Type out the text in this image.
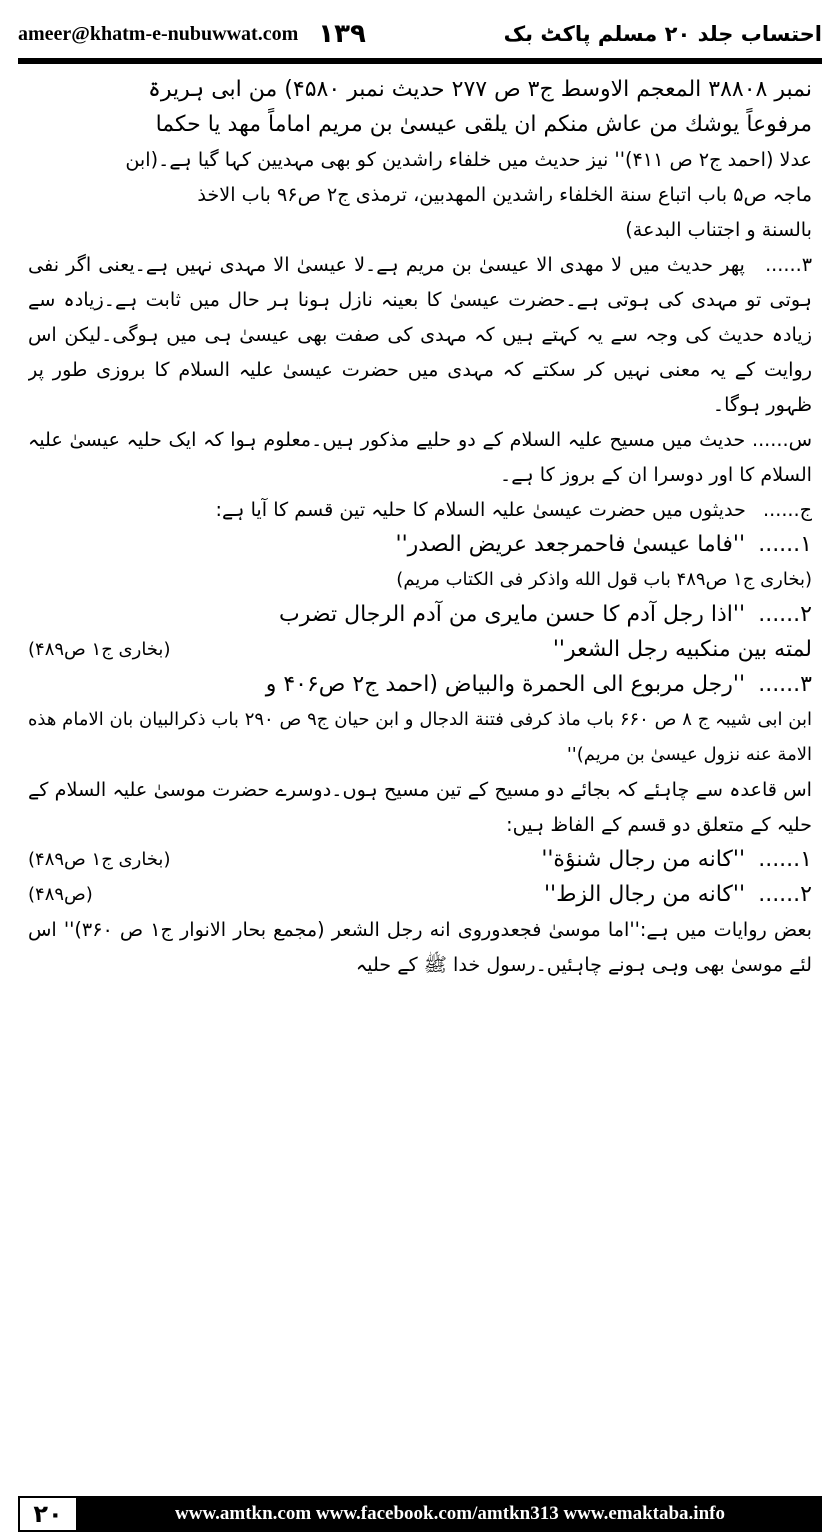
ameer@khatm-e-nubuwwat.com ۱۳۹	احتساب جلد ۲۰ مسلم پاکٹ بک

نمبر ۳۸۸۰۸ المعجم الاوسط ج۳ ص ۲۷۷ حدیث نمبر ۴۵۸۰) من ابی ہریرۃ

مرفوعاً یوشك من عاش منکم ان یلقی عیسیٰ بن مریم اماماً مهد یا حکما

عدلا (احمد ج۲ ص ۴۱۱)'' نیز حدیث میں خلفاء راشدین کو بھی مہدیین کہا گیا ہے۔(ابن

ماجہ ص۵ باب اتباع سنة الخلفاء راشدین المهدبین، ترمذی ج۲ ص۹۶ باب الاخذ

بالسنة و اجتناب البدعة)

۳...... پھر حدیث میں لا مهدی الا عیسیٰ بن مریم ہے۔لا عیسیٰ الا مہدی نہیں ہے۔یعنی اگر نفی ہوتی تو مہدی کی ہوتی ہے۔حضرت عیسیٰ کا بعینہ نازل ہونا ہر حال میں ثابت ہے۔زیادہ سے زیادہ حدیث کی وجہ سے یہ کہتے ہیں کہ مہدی کی صفت بھی عیسیٰ ہی میں ہوگی۔لیکن اس روایت کے یہ معنی نہیں کر سکتے کہ مہدی میں حضرت عیسیٰ علیہ السلام کا بروزی طور پر ظہور ہوگا۔

س...... حدیث میں مسیح علیہ السلام کے دو حلیے مذکور ہیں۔معلوم ہوا کہ ایک حلیہ عیسیٰ علیہ السلام کا اور دوسرا ان کے بروز کا ہے۔

ج...... حدیثوں میں حضرت عیسیٰ علیہ السلام کا حلیہ تین قسم کا آیا ہے:

۱...... ''فاما عیسیٰ فاحمرجعد عریض الصدر''

(بخاری ج۱ ص۴۸۹ باب قول الله واذکر فی الکتاب مریم)

۲...... ''اذا رجل آدم کا حسن مایری من آدم الرجال تضرب

لمته بین منکبیه رجل الشعر''
(بخاری ج۱ ص۴۸۹)

۳...... ''رجل مربوع الی الحمرة والبیاض (احمد ج۲ ص۴۰۶ و

ابن ابی شیبہ ج ۸ ص ۶۶۰ باب ماذ کرفی فتنة الدجال و ابن حیان ج۹ ص ۲۹۰ باب ذکرالبیان بان الامام هذه الامة عنه نزول عیسیٰ بن مریم)''

اس قاعدہ سے چاہئے کہ بجائے دو مسیح کے تین مسیح ہوں۔دوسرے حضرت موسیٰ علیہ السلام کے حلیہ کے متعلق دو قسم کے الفاظ ہیں:

۱...... ''کانه من رجال شنؤة''
(بخاری ج۱ ص۴۸۹)
۲...... ''کانه من رجال الزط''
(ص۴۸۹)

بعض روایات میں ہے:''اما موسیٰ فجعدوروی انه رجل الشعر (مجمع بحار الانوار ج۱ ص ۳۶۰)'' اس لئے موسیٰ بھی وہی ہونے چاہئیں۔رسول خدا ﷺ کے حلیہ

۲۰	www.amtkn.com www.facebook.com/amtkn313 www.emaktaba.info
